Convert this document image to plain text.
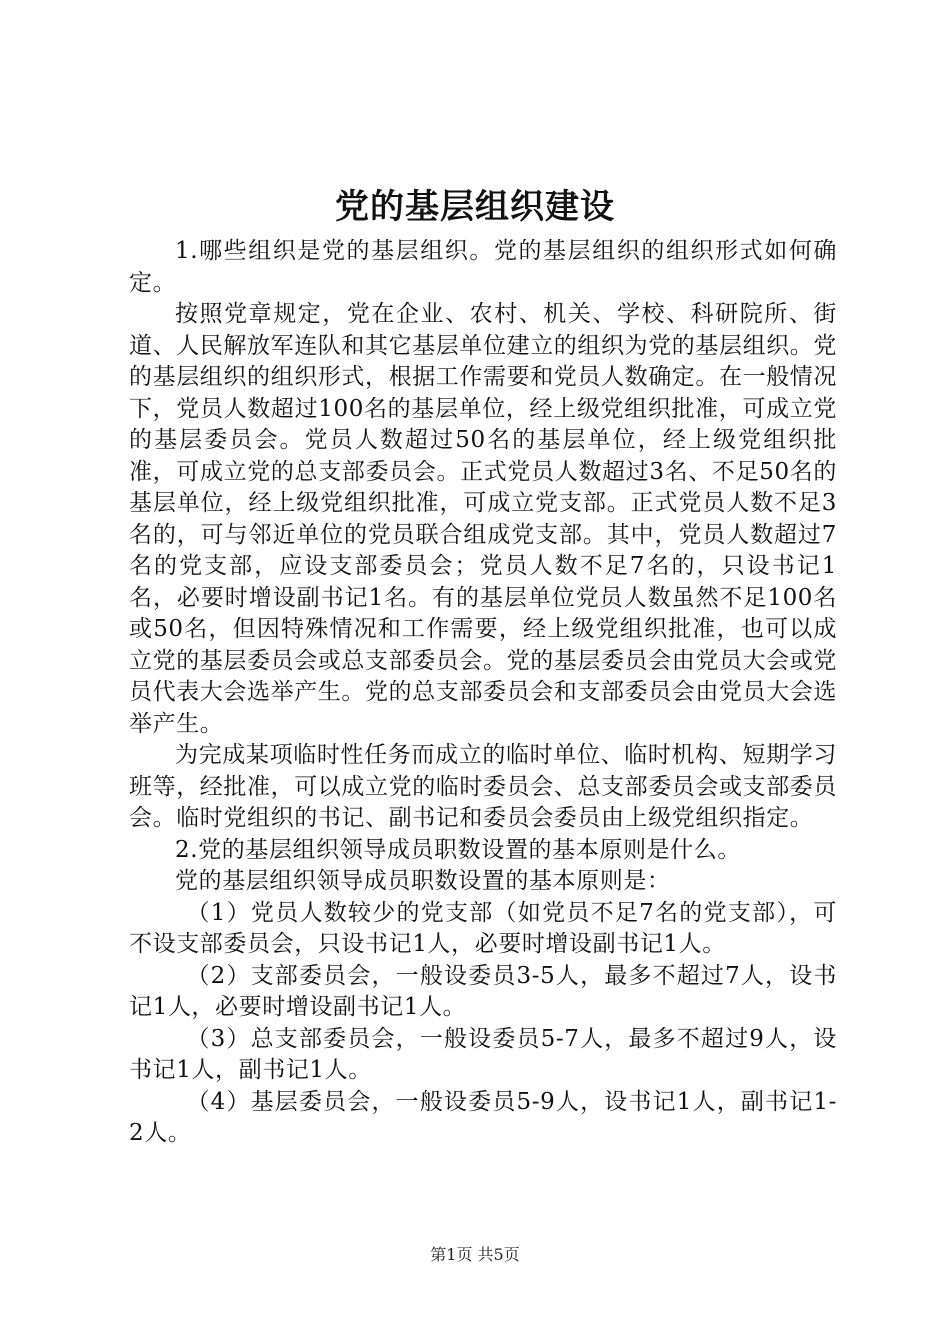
党的基层组织建设

1.哪些组织是党的基层组织。党的基层组织的组织形式如何确定。

按照党章规定，党在企业、农村、机关、学校、科研院所、街道、人民解放军连队和其它基层单位建立的组织为党的基层组织。党的基层组织的组织形式，根据工作需要和党员人数确定。在一般情况下，党员人数超过100名的基层单位，经上级党组织批准，可成立党的基层委员会。党员人数超过50名的基层单位，经上级党组织批准，可成立党的总支部委员会。正式党员人数超过3名、不足50名的基层单位，经上级党组织批准，可成立党支部。正式党员人数不足3名的，可与邻近单位的党员联合组成党支部。其中，党员人数超过7名的党支部，应设支部委员会；党员人数不足7名的，只设书记1名，必要时增设副书记1名。有的基层单位党员人数虽然不足100名或50名，但因特殊情况和工作需要，经上级党组织批准，也可以成立党的基层委员会或总支部委员会。党的基层委员会由党员大会或党员代表大会选举产生。党的总支部委员会和支部委员会由党员大会选举产生。

为完成某项临时性任务而成立的临时单位、临时机构、短期学习班等，经批准，可以成立党的临时委员会、总支部委员会或支部委员会。临时党组织的书记、副书记和委员会委员由上级党组织指定。

2.党的基层组织领导成员职数设置的基本原则是什么。

党的基层组织领导成员职数设置的基本原则是：

（1）党员人数较少的党支部（如党员不足7名的党支部），可不设支部委员会，只设书记1人，必要时增设副书记1人。

（2）支部委员会，一般设委员3-5人，最多不超过7人，设书记1人，必要时增设副书记1人。

（3）总支部委员会，一般设委员5-7人，最多不超过9人，设书记1人，副书记1人。

（4）基层委员会，一般设委员5-9人，设书记1人，副书记1-2人。

第1页 共5页
